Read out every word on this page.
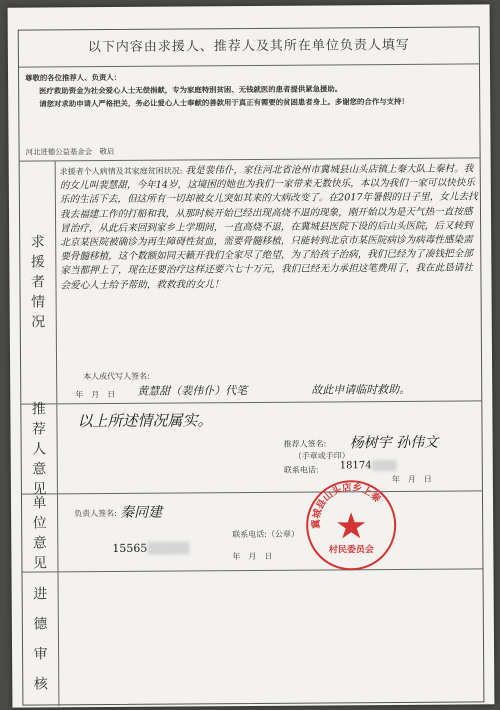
以下内容由求援人、推荐人及其所在单位负责人填写
尊敬的各位推荐人、负责人：
医疗救助资金为社会爱心人士无偿捐献，专为家庭特别贫困、无钱就医的患者提供紧急援助。
请您对求助申请人严格把关，务必让爱心人士奉献的善款用于真正有需要的贫困患者身上。多谢您的合作与支持！
河北进德公益基金会　敬启
求
援
者
情
况
求援者个人病情及其家庭贫困状况: 我是裴伟仆，家住河北省沧州市冀城县山头店镇上秦大队上秦村。我的女儿叫裴慧甜，今年14岁，这境困的她也为我们一家带来无数快乐，本以为我们一家可以快快乐乐的生活下去，但这所有一切却被女儿突如其来的大病改变了。在2017年暑假的日子里，女儿去找我去福建工作的打船和我，从那时候开始已经出现高烧不退的现象，刚开始以为是天气热一直按感冒治疗，从此后来回到家乡上学期间，一直高烧不退，在冀城县医院下设的后山头医院，后又转到北京某医院被确诊为再生障碍性贫血，需要骨髓移植，只能转到北京市某医院病诊为病毒性感染需要骨髓移植，这个数额如同天籁开我们全家尽了绝望，为了给孩子治病，我们已经为了凑钱把全部家当都押上了，现在还要治疗这样还要六七十万元，我们已经无力承担这笔费用了，我在此恳请社会爱心人士给予帮助，救救我的女儿！
本人或代写人签名:
黄慧甜（裴伟仆）代笔	故此申请临时救助。
年　月　日
推
荐
人
意
见
以上所述情况属实。
推荐人签名: 杨树宇 孙伟文
（手章或手印）
联系电话: 18174
年　月　日
单
位
意
见
负责人签名: 秦同建
联系电话:（公章）
15565
年　月　日
冀城县山头店乡上秦
村民委员会
进
德
审
核
